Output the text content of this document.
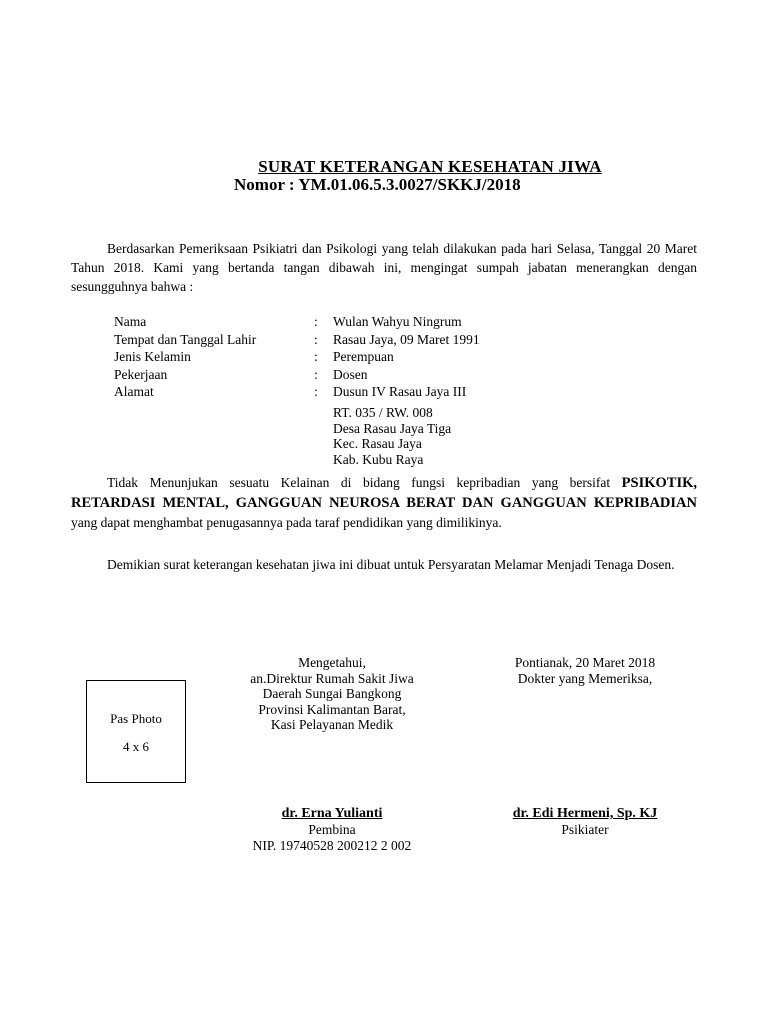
SURAT KETERANGAN KESEHATAN JIWA
Nomor : YM.01.06.5.3.0027/SKKJ/2018
Berdasarkan Pemeriksaan Psikiatri dan Psikologi yang telah dilakukan pada hari Selasa, Tanggal 20 Maret Tahun 2018. Kami yang bertanda tangan dibawah ini, mengingat sumpah jabatan menerangkan dengan sesungguhnya bahwa :
Nama	: Wulan Wahyu Ningrum
Tempat dan Tanggal Lahir	: Rasau Jaya, 09 Maret 1991
Jenis Kelamin	: Perempuan
Pekerjaan	: Dosen
Alamat	: Dusun IV Rasau Jaya III
RT. 035 / RW. 008
Desa Rasau Jaya Tiga
Kec. Rasau Jaya
Kab. Kubu Raya
Tidak Menunjukan sesuatu Kelainan di bidang fungsi kepribadian yang bersifat PSIKOTIK, RETARDASI MENTAL, GANGGUAN NEUROSA BERAT DAN GANGGUAN KEPRIBADIAN yang dapat menghambat penugasannya pada taraf pendidikan yang dimilikinya.
Demikian surat keterangan kesehatan jiwa ini dibuat untuk Persyaratan Melamar Menjadi Tenaga Dosen.
Mengetahui,
an.Direktur Rumah Sakit Jiwa
Daerah Sungai Bangkong
Provinsi Kalimantan Barat,
Kasi Pelayanan Medik
Pontianak, 20 Maret 2018
Dokter yang Memeriksa,
Pas Photo
4 x 6
dr. Erna Yulianti
Pembina
NIP. 19740528 200212 2 002
dr. Edi Hermeni, Sp. KJ
Psikiater
